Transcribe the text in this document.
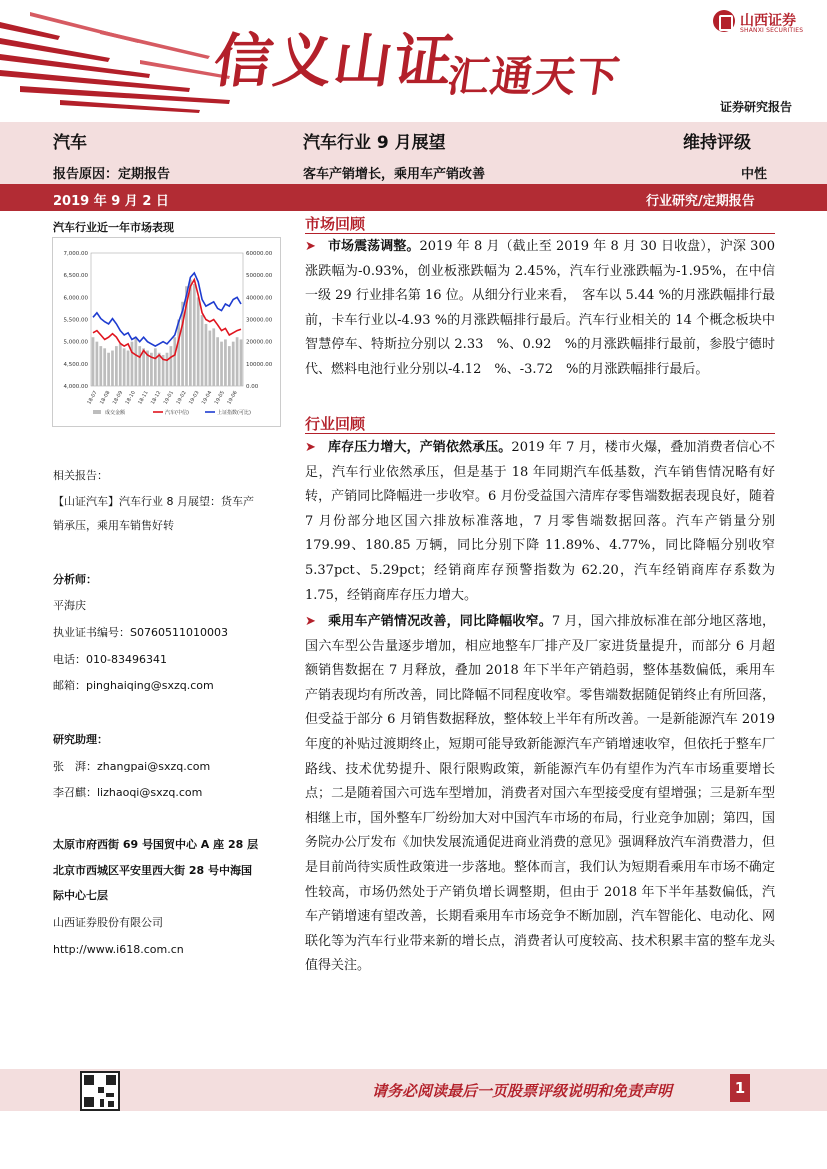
信义山证
汇通天下
山西证券
SHANXI SECURITIES
证券研究报告
汽车	汽车行业 9 月展望	维持评级
报告原因：定期报告	客车产销增长，乘用车产销改善	中性
2019 年 9 月 2 日	行业研究/定期报告
汽车行业近一年市场表现
7,000.00
6,500.00
6,000.00
5,500.00
5,000.00
4,500.00
4,000.00
60000.00
50000.00
40000.00
30000.00
20000.00
10000.00
0.00
18-07 18-08 18-09 18-10 18-11 18-12 19-01 19-02 19-03 19-04 19-05 19-06
成交金额	汽车(中信)	上证指数(可比)
相关报告：
【山证汽车】汽车行业 8 月展望：货车产
销承压，乘用车销售好转
分析师：
平海庆
执业证书编号：S0760511010003
电话：010-83496341
邮箱：pinghaiqing@sxzq.com
研究助理：
张　湃：zhangpai@sxzq.com
李召麒：lizhaoqi@sxzq.com
太原市府西街 69 号国贸中心 A 座 28 层
北京市西城区平安里西大街 28 号中海国
际中心七层
山西证券股份有限公司
http://www.i618.com.cn
市场回顾
➤ 市场震荡调整。2019 年 8 月（截止至 2019 年 8 月 30 日收盘），沪深 300 涨跌幅为-0.93%，创业板涨跌幅为 2.45%，汽车行业涨跌幅为-1.95%，在中信一级 29 行业排名第 16 位。从细分行业来看，　客车以 5.44 %的月涨跌幅排行最前，卡车行业以-4.93 %的月涨跌幅排行最后。汽车行业相关的 14 个概念板块中智慧停车、特斯拉分别以 2.33　%、0.92　%的月涨跌幅排行最前，参股宁德时代、燃料电池行业分别以-4.12　%、-3.72　%的月涨跌幅排行最后。
行业回顾
➤ 库存压力增大，产销依然承压。2019 年 7 月，楼市火爆，叠加消费者信心不足，汽车行业依然承压，但是基于 18 年同期汽车低基数，汽车销售情况略有好转，产销同比降幅进一步收窄。6 月份受益国六清库存零售端数据表现良好，随着 7 月份部分地区国六排放标准落地，7 月零售端数据回落。汽车产销量分别 179.99、180.85 万辆，同比分别下降 11.89%、4.77%，同比降幅分别收窄 5.37pct、5.29pct；经销商库存预警指数为 62.20，汽车经销商库存系数为 1.75，经销商库存压力增大。
➤ 乘用车产销情况改善，同比降幅收窄。7 月，国六排放标准在部分地区落地，国六车型公告量逐步增加，相应地整车厂排产及厂家进货量提升，而部分 6 月超额销售数据在 7 月释放，叠加 2018 年下半年产销趋弱，整体基数偏低，乘用车产销表现均有所改善，同比降幅不同程度收窄。零售端数据随促销终止有所回落，但受益于部分 6 月销售数据释放，整体较上半年有所改善。一是新能源汽车 2019 年度的补贴过渡期终止，短期可能导致新能源汽车产销增速收窄，但依托于整车厂路线、技术优势提升、限行限购政策，新能源汽车仍有望作为汽车市场重要增长点；二是随着国六可选车型增加，消费者对国六车型接受度有望增强；三是新车型相继上市，国外整车厂纷纷加大对中国汽车市场的布局，行业竞争加剧；第四，国务院办公厅发布《加快发展流通促进商业消费的意见》强调释放汽车消费潜力，但是目前尚待实质性政策进一步落地。整体而言，我们认为短期看乘用车市场不确定性较高，市场仍然处于产销负增长调整期，但由于 2018 年下半年基数偏低，汽车产销增速有望改善，长期看乘用车市场竞争不断加剧，汽车智能化、电动化、网联化等为汽车行业带来新的增长点，消费者认可度较高、技术积累丰富的整车龙头值得关注。
请务必阅读最后一页股票评级说明和免责声明	1
